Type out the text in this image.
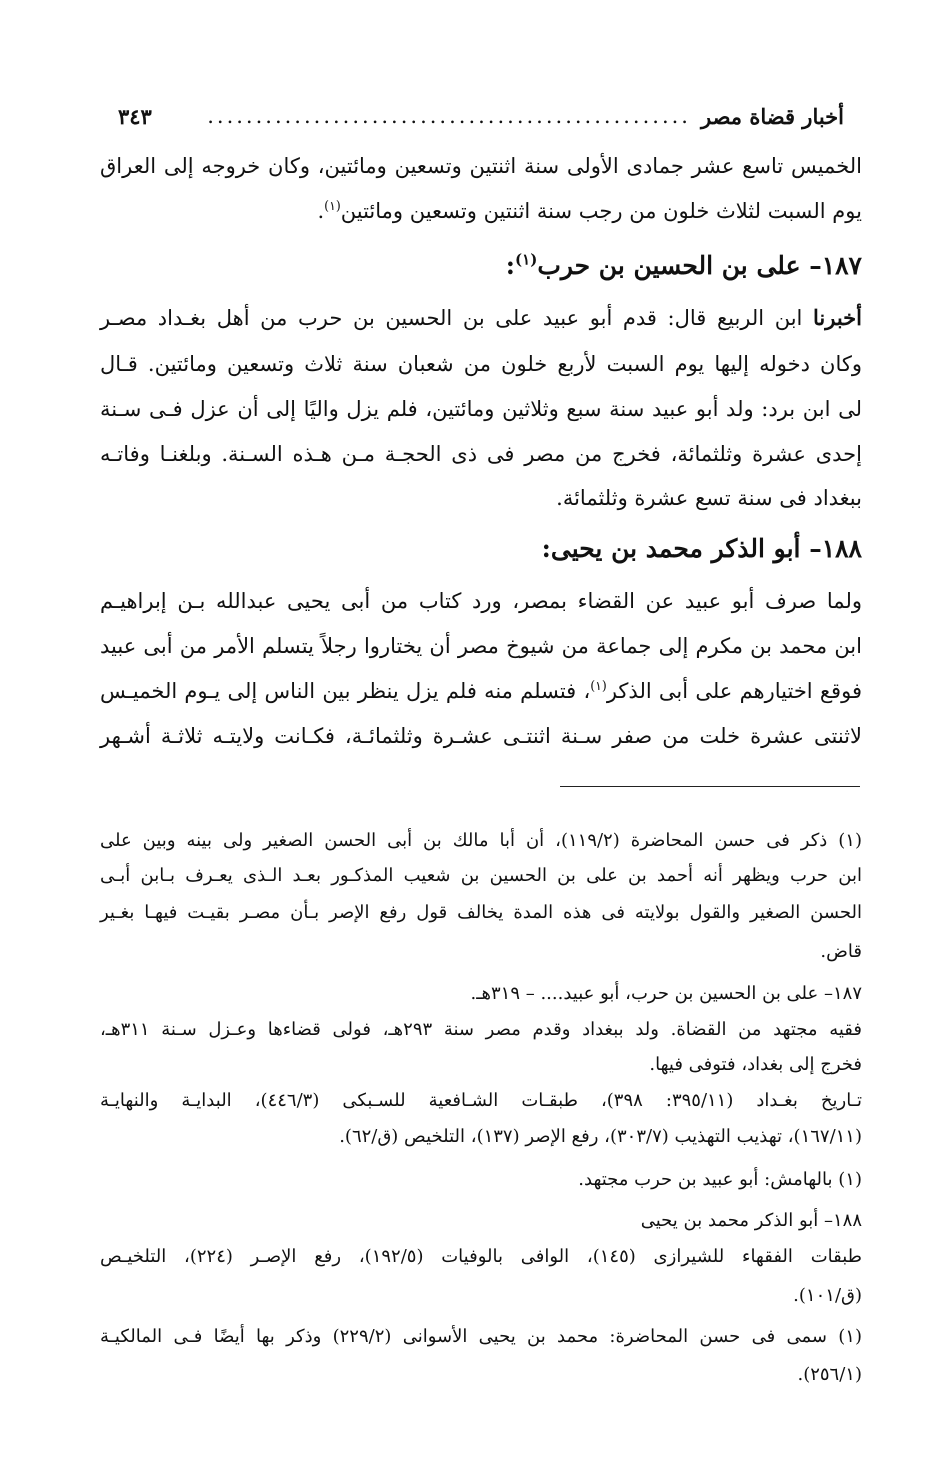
أخبار قضاة مصر
..................................................
٣٤٣
الخميس تاسع عشر جمادى الأولى سنة اثنتين وتسعين ومائتين، وكان خروجه إلى العراق
يوم السبت لثلاث خلون من رجب سنة اثنتين وتسعين ومائتين$^{(١)}$.
١٨٧– على بن الحسين بن حرب$^{(١)}$:
أخبرنا ابن الربيع قال: قدم أبو عبيد على بن الحسين بن حرب من أهل بغـداد مصـر
وكان دخوله إليها يوم السبت لأربع خلون من شعبان سنة ثلاث وتسعين ومائتين. قـال
لى ابن برد: ولد أبو عبيد سنة سبع وثلاثين ومائتين، فلم يزل واليًا إلى أن عزل فـى سـنة
إحدى عشرة وثلثمائة، فخرج من مصر فى ذى الحجـة مـن هـذه السـنة. وبلغنـا وفاتـه
ببغداد فى سنة تسع عشرة وثلثمائة.
١٨٨– أبو الذكر محمد بن يحيى:
ولما صرف أبو عبيد عن القضاء بمصر، ورد كتاب من أبى يحيى عبدالله بـن إبراهيـم
ابن محمد بن مكرم إلى جماعة من شيوخ مصر أن يختاروا رجلاً يتسلم الأمر من أبى عبيد
فوقع اختيارهم على أبى الذكر$^{(١)}$، فتسلم منه فلم يزل ينظر بين الناس إلى يـوم الخميـس
لاثنتى عشرة خلت من صفر سـنة اثنتـى عشـرة وثلثمائـة، فكـانت ولايتـه ثلاثـة أشـهر
(١) ذكر فى حسن المحاضرة (١١٩/٢)، أن أبا مالك بن أبى الحسن الصغير ولى بينه وبين على
ابن حرب ويظهر أنه أحمد بن على بن الحسين بن شعيب المذكـور بعـد الـذى يعـرف بـابن أبـى
الحسن الصغير والقول بولايته فى هذه المدة يخالف قول رفع الإصر بـأن مصـر بقيـت فيهـا بغـير
قاض.
١٨٧– على بن الحسين بن حرب، أبو عبيد.... – ٣١٩هـ.
فقيه مجتهد من القضاة. ولد ببغداد وقدم مصر سنة ٢٩٣هـ، فولى قضاءها وعـزل سـنة ٣١١هـ،
فخرج إلى بغداد، فتوفى فيها.
تـاريخ بغـداد (٣٩٥/١١: ٣٩٨)، طبقـات الشـافعية للسـبكى (٤٤٦/٣)، البدايـة والنهايـة
(١٦٧/١١)، تهذيب التهذيب (٣٠٣/٧)، رفع الإصر (١٣٧)، التلخيص (ق/٦٢).
(١) بالهامش: أبو عبيد بن حرب مجتهد.
١٨٨– أبو الذكر محمد بن يحيى
طبقات الفقهاء للشيرازى (١٤٥)، الوافى بالوفيات (١٩٢/٥)، رفع الإصـر (٢٢٤)، التلخيـص
(ق/١٠١).
(١) سمى فى حسن المحاضرة: محمد بن يحيى الأسوانى (٢٢٩/٢) وذكر بها أيضًا فـى المالكيـة
(٢٥٦/١).
